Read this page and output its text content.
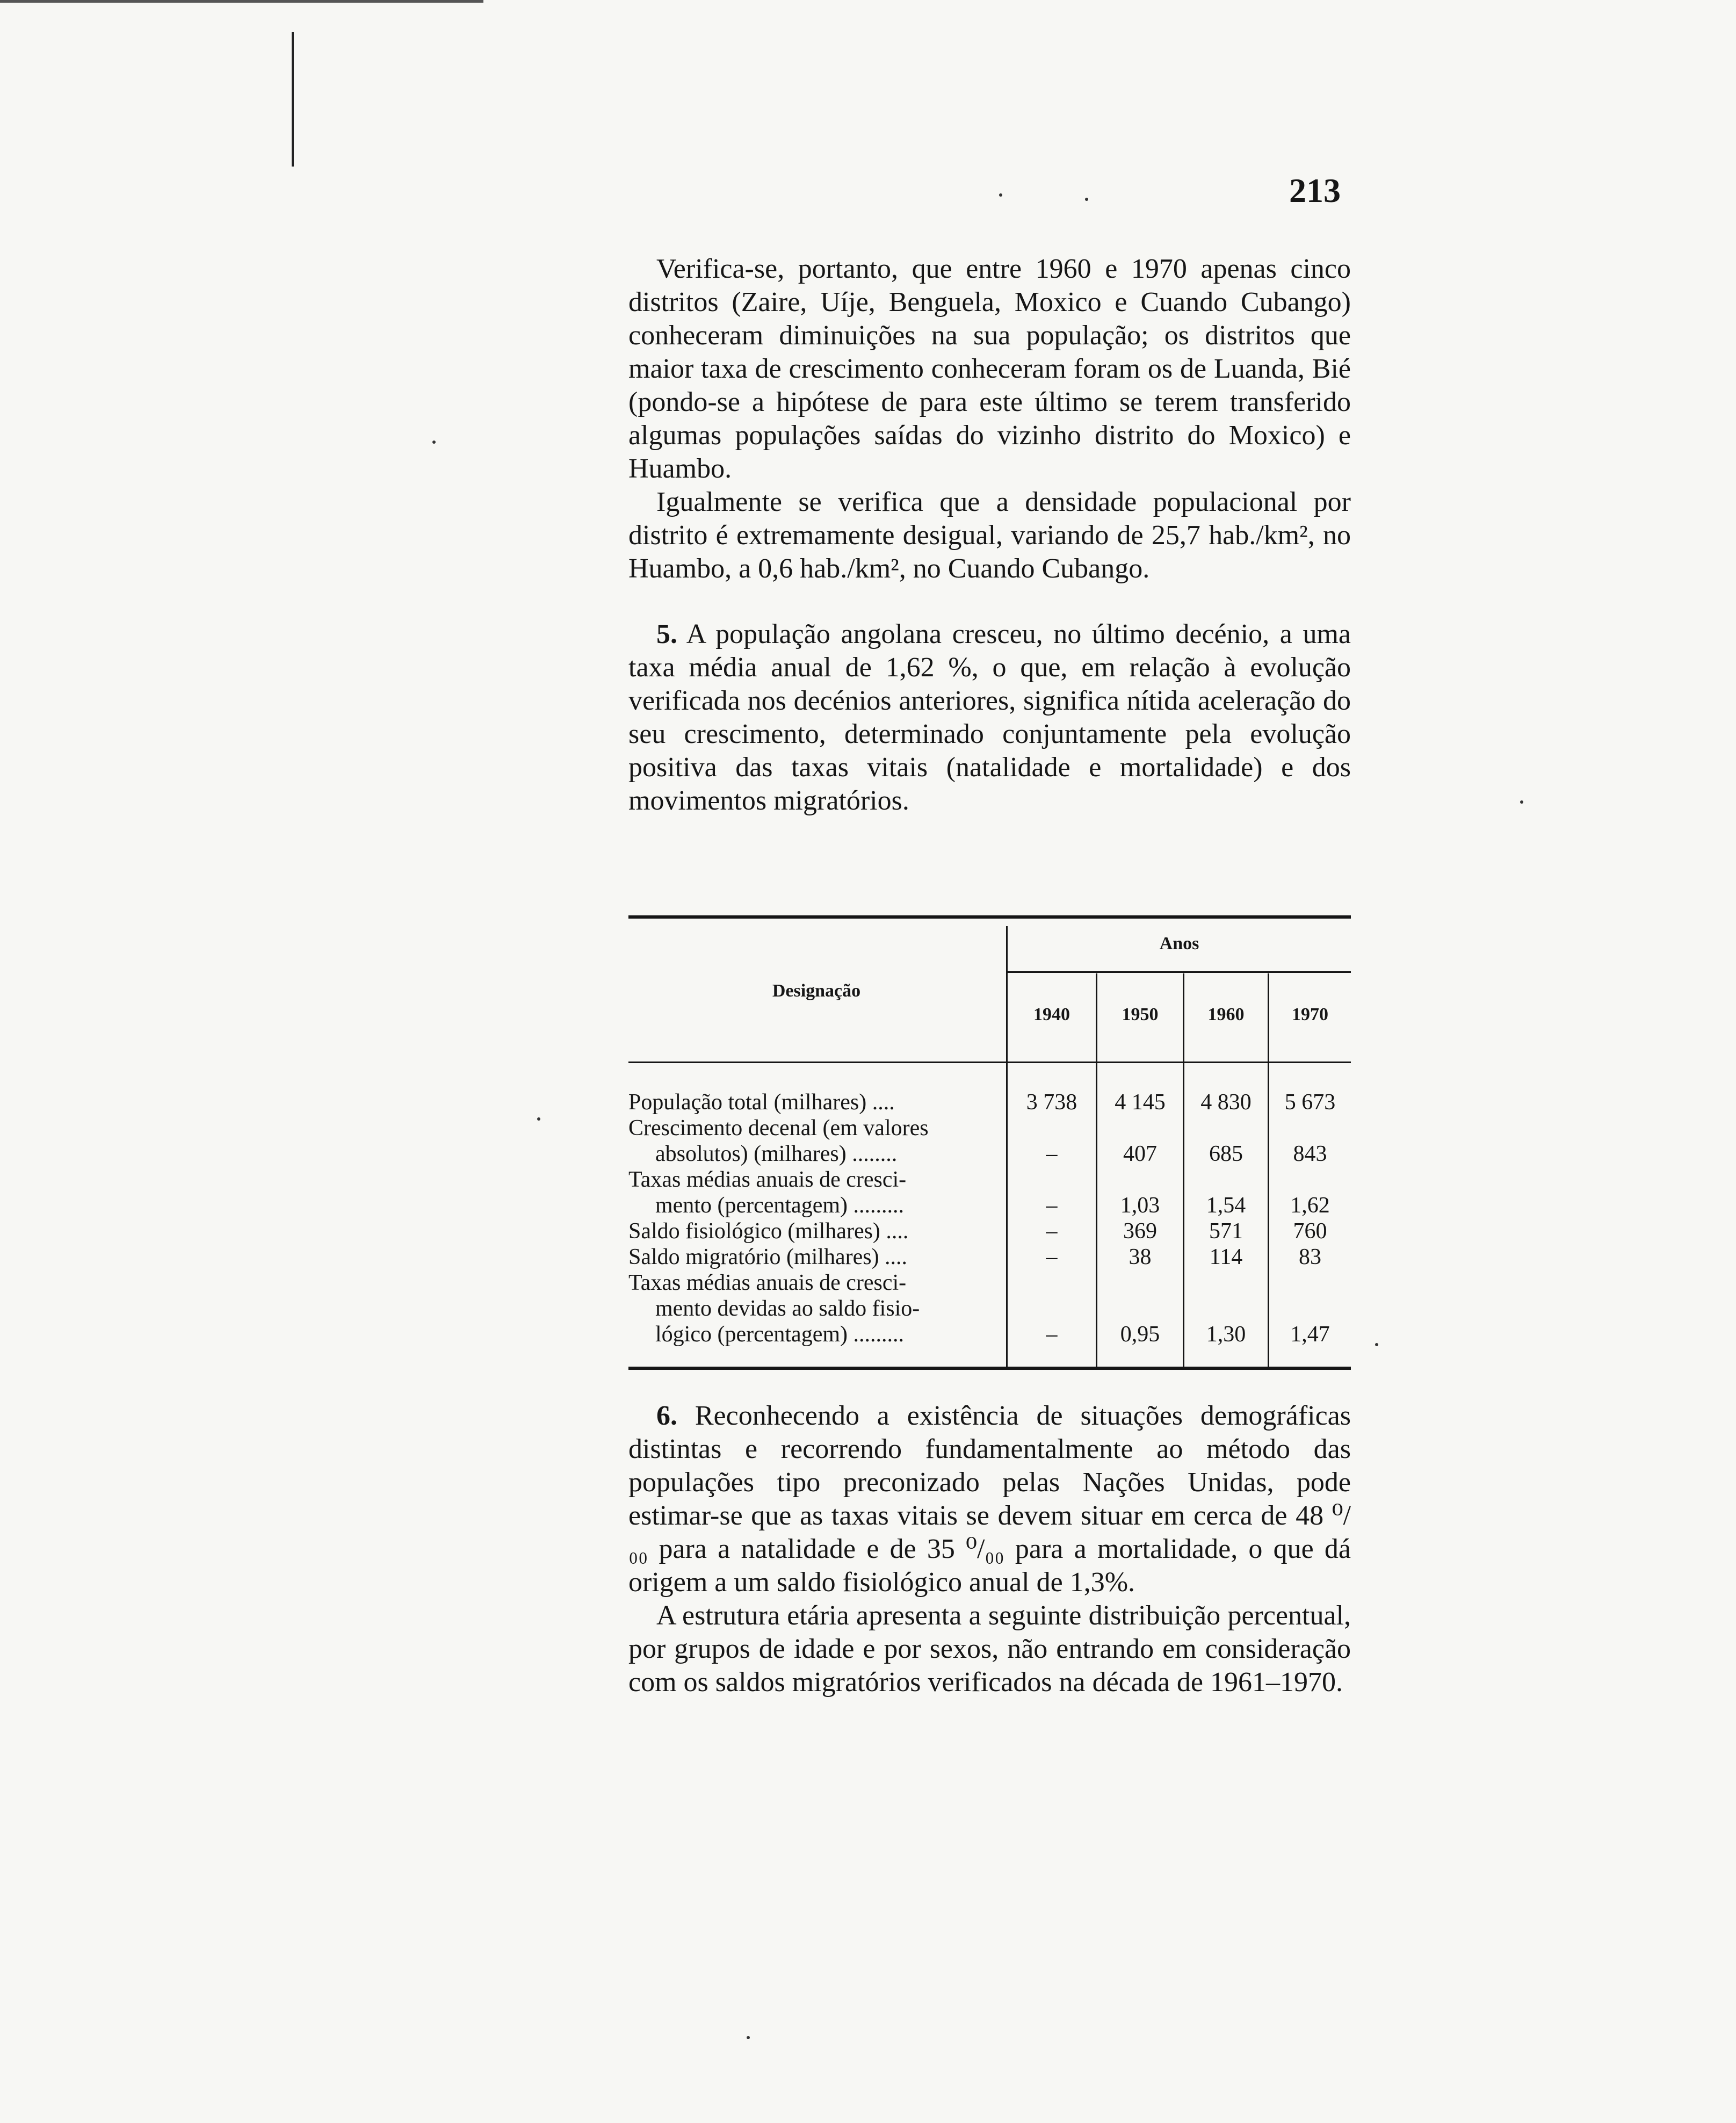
213

Verifica-se, portanto, que entre 1960 e 1970 apenas cinco distritos (Zaire, Uíje, Benguela, Moxico e Cuando Cubango) conheceram diminuições na sua população; os distritos que maior taxa de crescimento conheceram foram os de Luanda, Bié (pondo-se a hipótese de para este último se terem transferido algumas populações saídas do vizinho distrito do Moxico) e Huambo.

Igualmente se verifica que a densidade populacional por distrito é extremamente desigual, variando de 25,7 hab./km², no Huambo, a 0,6 hab./km², no Cuando Cubango.

5. A população angolana cresceu, no último decénio, a uma taxa média anual de 1,62 %, o que, em relação à evolução verificada nos decénios anteriores, significa nítida aceleração do seu crescimento, determinado conjuntamente pela evolução positiva das taxas vitais (natalidade e mortalidade) e dos movimentos migratórios.

Designação
Anos
1940	1950	1960	1970
População total (milhares) ....	3 738	4 145	4 830	5 673
Crescimento decenal (em valores
absolutos) (milhares) ........	–	407	685	843
Taxas médias anuais de cresci-
mento (percentagem) .........	–	1,03	1,54	1,62
Saldo fisiológico (milhares) ....	–	369	571	760
Saldo migratório (milhares) ....	–	38	114	83
Taxas médias anuais de cresci-
mento devidas ao saldo fisio-
lógico (percentagem) .........	–	0,95	1,30	1,47

6. Reconhecendo a existência de situações demográficas distintas e recorrendo fundamentalmente ao método das populações tipo preconizado pelas Nações Unidas, pode estimar-se que as taxas vitais se devem situar em cerca de 48 ⁰/₀₀ para a natalidade e de 35 ⁰/₀₀ para a mortalidade, o que dá origem a um saldo fisiológico anual de 1,3%.

A estrutura etária apresenta a seguinte distribuição percentual, por grupos de idade e por sexos, não entrando em consideração com os saldos migratórios verificados na década de 1961–1970.
